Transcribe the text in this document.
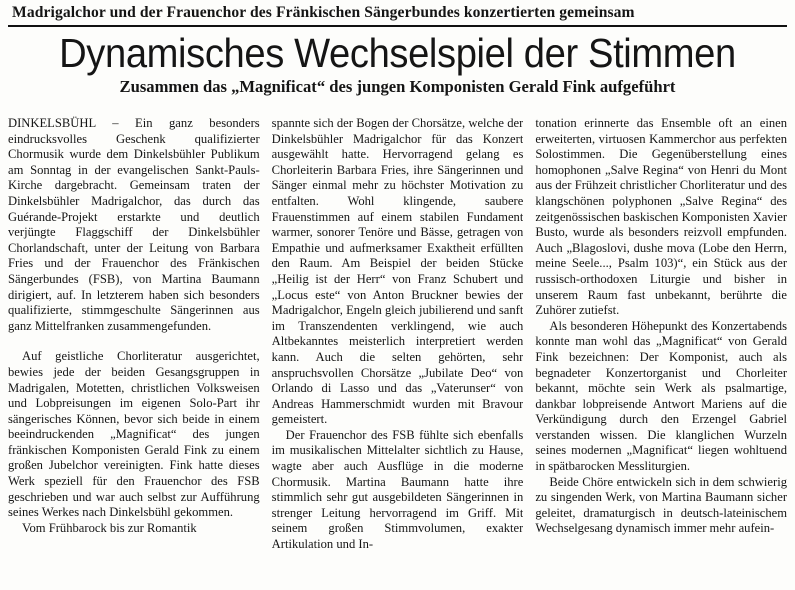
Madrigalchor und der Frauenchor des Fränkischen Sängerbundes konzertierten gemeinsam
Dynamisches Wechselspiel der Stimmen
Zusammen das „Magnificat“ des jungen Komponisten Gerald Fink aufgeführt

DINKELSBÜHL – Ein ganz besonders eindrucksvolles Geschenk qualifizierter Chormusik wurde dem Dinkelsbühler Publikum am Sonntag in der evangelischen Sankt-Pauls-Kirche dargebracht. Gemeinsam traten der Dinkelsbühler Madrigalchor, das durch das Guérande-Projekt erstarkte und deutlich verjüngte Flaggschiff der Dinkelsbühler Chorlandschaft, unter der Leitung von Barbara Fries und der Frauenchor des Fränkischen Sängerbundes (FSB), von Martina Baumann dirigiert, auf. In letzterem haben sich besonders qualifizierte, stimmgeschulte Sängerinnen aus ganz Mittelfranken zusammengefunden.

Auf geistliche Chorliteratur ausgerichtet, bewies jede der beiden Gesangsgruppen in Madrigalen, Motetten, christlichen Volksweisen und Lobpreisungen im eigenen Solo-Part ihr sängerisches Können, bevor sich beide in einem beeindruckenden „Magnificat“ des jungen fränkischen Komponisten Gerald Fink zu einem großen Jubelchor vereinigten. Fink hatte dieses Werk speziell für den Frauenchor des FSB geschrieben und war auch selbst zur Aufführung seines Werkes nach Dinkelsbühl gekommen.

Vom Frühbarock bis zur Romantik

spannte sich der Bogen der Chorsätze, welche der Dinkelsbühler Madrigalchor für das Konzert ausgewählt hatte. Hervorragend gelang es Chorleiterin Barbara Fries, ihre Sängerinnen und Sänger einmal mehr zu höchster Motivation zu entfalten. Wohl klingende, saubere Frauenstimmen auf einem stabilen Fundament warmer, sonorer Tenöre und Bässe, getragen von Empathie und aufmerksamer Exaktheit erfüllten den Raum. Am Beispiel der beiden Stücke „Heilig ist der Herr“ von Franz Schubert und „Locus este“ von Anton Bruckner bewies der Madrigalchor, Engeln gleich jubilierend und sanft im Transzendenten verklingend, wie auch Altbekanntes meisterlich interpretiert werden kann. Auch die selten gehörten, sehr anspruchsvollen Chorsätze „Jubilate Deo“ von Orlando di Lasso und das „Vaterunser“ von Andreas Hammerschmidt wurden mit Bravour gemeistert.

Der Frauenchor des FSB fühlte sich ebenfalls im musikalischen Mittelalter sichtlich zu Hause, wagte aber auch Ausflüge in die moderne Chormusik. Martina Baumann hatte ihre stimmlich sehr gut ausgebildeten Sängerinnen in strenger Leitung hervorragend im Griff. Mit seinem großen Stimmvolumen, exakter Artikulation und In-

tonation erinnerte das Ensemble oft an einen erweiterten, virtuosen Kammerchor aus perfekten Solostimmen. Die Gegenüberstellung eines homophonen „Salve Regina“ von Henri du Mont aus der Frühzeit christlicher Chorliteratur und des klangschönen polyphonen „Salve Regina“ des zeitgenössischen baskischen Komponisten Xavier Busto, wurde als besonders reizvoll empfunden. Auch „Blagoslovi, dushe mova (Lobe den Herrn, meine Seele..., Psalm 103)“, ein Stück aus der russisch-orthodoxen Liturgie und bisher in unserem Raum fast unbekannt, berührte die Zuhörer zutiefst.

Als besonderen Höhepunkt des Konzertabends konnte man wohl das „Magnificat“ von Gerald Fink bezeichnen: Der Komponist, auch als begnadeter Konzertorganist und Chorleiter bekannt, möchte sein Werk als psalmartige, dankbar lobpreisende Antwort Mariens auf die Verkündigung durch den Erzengel Gabriel verstanden wissen. Die klanglichen Wurzeln seines modernen „Magnificat“ liegen wohltuend in spätbarocken Messliturgien.

Beide Chöre entwickeln sich in dem schwierig zu singenden Werk, von Martina Baumann sicher geleitet, dramaturgisch in deutsch-lateinischem Wechselgesang dynamisch immer mehr aufein-
